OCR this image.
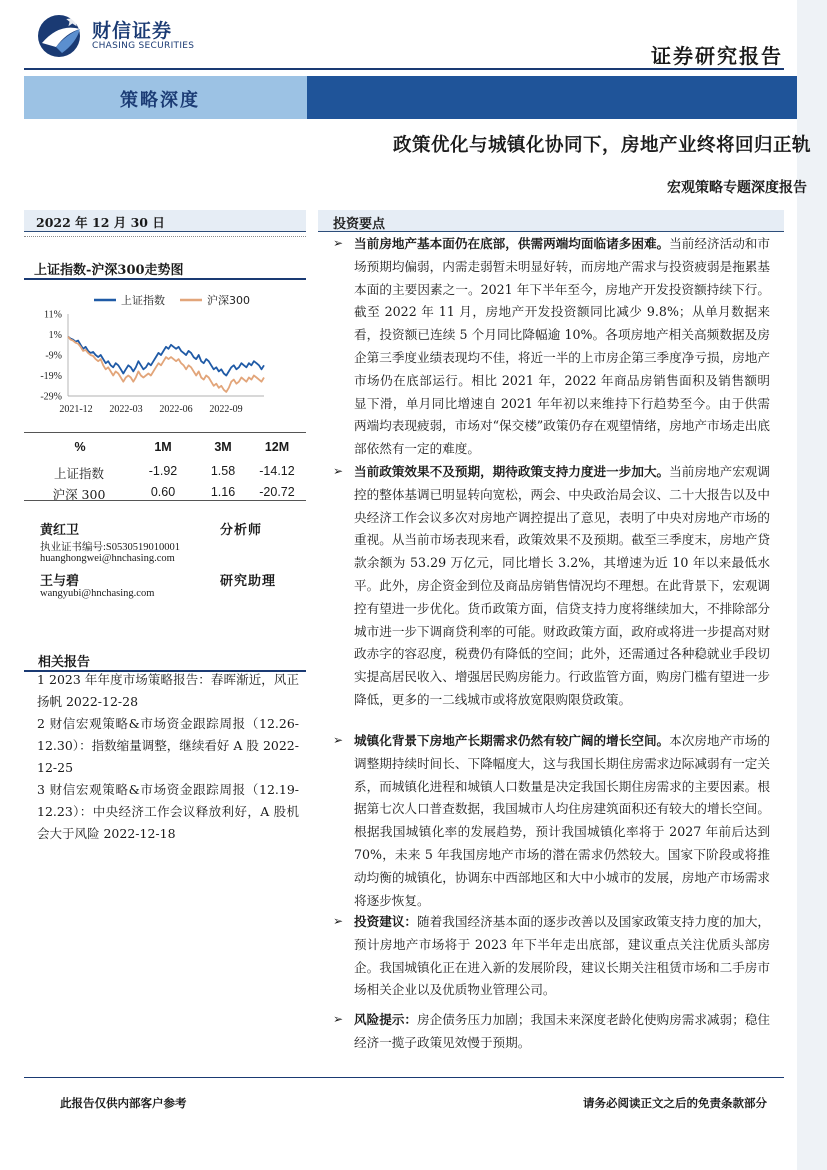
财信证券
CHASING SECURITIES	证券研究报告
策略深度
政策优化与城镇化协同下，房地产业终将回归正轨
宏观策略专题深度报告
2022 年 12 月 30 日
上证指数-沪深300走势图
11%
1%
-9%
-19%
-29%
2021-12 2022-03 2022-06 2022-09
上证指数	沪深300
%	1M	3M	12M
上证指数	-1.92	1.58	-14.12
沪深 300	0.60	1.16	-20.72
黄红卫	分析师
执业证书编号:S0530519010001
huanghongwei@hnchasing.com
王与碧	研究助理
wangyubi@hnchasing.com
相关报告
1 2023 年年度市场策略报告：春晖渐近，风正扬帆 2022-12-28
2 财信宏观策略&市场资金跟踪周报（12.26-12.30）：指数缩量调整，继续看好 A 股 2022-12-25
3 财信宏观策略&市场资金跟踪周报（12.19-12.23）：中央经济工作会议释放利好，A 股机会大于风险 2022-12-18
投资要点
➢ 当前房地产基本面仍在底部，供需两端均面临诸多困难。当前经济活动和市场预期均偏弱，内需走弱暂未明显好转，而房地产需求与投资疲弱是拖累基本面的主要因素之一。2021 年下半年至今，房地产开发投资额持续下行。截至 2022 年 11 月，房地产开发投资额同比减少 9.8%；从单月数据来看，投资额已连续 5 个月同比降幅逾 10%。各项房地产相关高频数据及房企第三季度业绩表现均不佳，将近一半的上市房企第三季度净亏损，房地产市场仍在底部运行。相比 2021 年，2022 年商品房销售面积及销售额明显下滑，单月同比增速自 2021 年年初以来维持下行趋势至今。由于供需两端均表现疲弱，市场对“保交楼”政策仍存在观望情绪，房地产市场走出底部依然有一定的难度。
➢ 当前政策效果不及预期，期待政策支持力度进一步加大。当前房地产宏观调控的整体基调已明显转向宽松，两会、中央政治局会议、二十大报告以及中央经济工作会议多次对房地产调控提出了意见，表明了中央对房地产市场的重视。从当前市场表现来看，政策效果不及预期。截至三季度末，房地产贷款余额为 53.29 万亿元，同比增长 3.2%，其增速为近 10 年以来最低水平。此外，房企资金到位及商品房销售情况均不理想。在此背景下，宏观调控有望进一步优化。货币政策方面，信贷支持力度将继续加大，不排除部分城市进一步下调商贷利率的可能。财政政策方面，政府或将进一步提高对财政赤字的容忍度，税费仍有降低的空间；此外，还需通过各种稳就业手段切实提高居民收入、增强居民购房能力。行政监管方面，购房门槛有望进一步降低，更多的一二线城市或将放宽限购限贷政策。
➢ 城镇化背景下房地产长期需求仍然有较广阔的增长空间。本次房地产市场的调整期持续时间长、下降幅度大，这与我国长期住房需求边际减弱有一定关系，而城镇化进程和城镇人口数量是决定我国长期住房需求的主要因素。根据第七次人口普查数据，我国城市人均住房建筑面积还有较大的增长空间。根据我国城镇化率的发展趋势，预计我国城镇化率将于 2027 年前后达到 70%，未来 5 年我国房地产市场的潜在需求仍然较大。国家下阶段或将推动均衡的城镇化，协调东中西部地区和大中小城市的发展，房地产市场需求将逐步恢复。
➢ 投资建议：随着我国经济基本面的逐步改善以及国家政策支持力度的加大，预计房地产市场将于 2023 年下半年走出底部，建议重点关注优质头部房企。我国城镇化正在进入新的发展阶段，建议长期关注租赁市场和二手房市场相关企业以及优质物业管理公司。
➢ 风险提示：房企债务压力加剧；我国未来深度老龄化使购房需求减弱；稳住经济一揽子政策见效慢于预期。
此报告仅供内部客户参考	请务必阅读正文之后的免责条款部分
